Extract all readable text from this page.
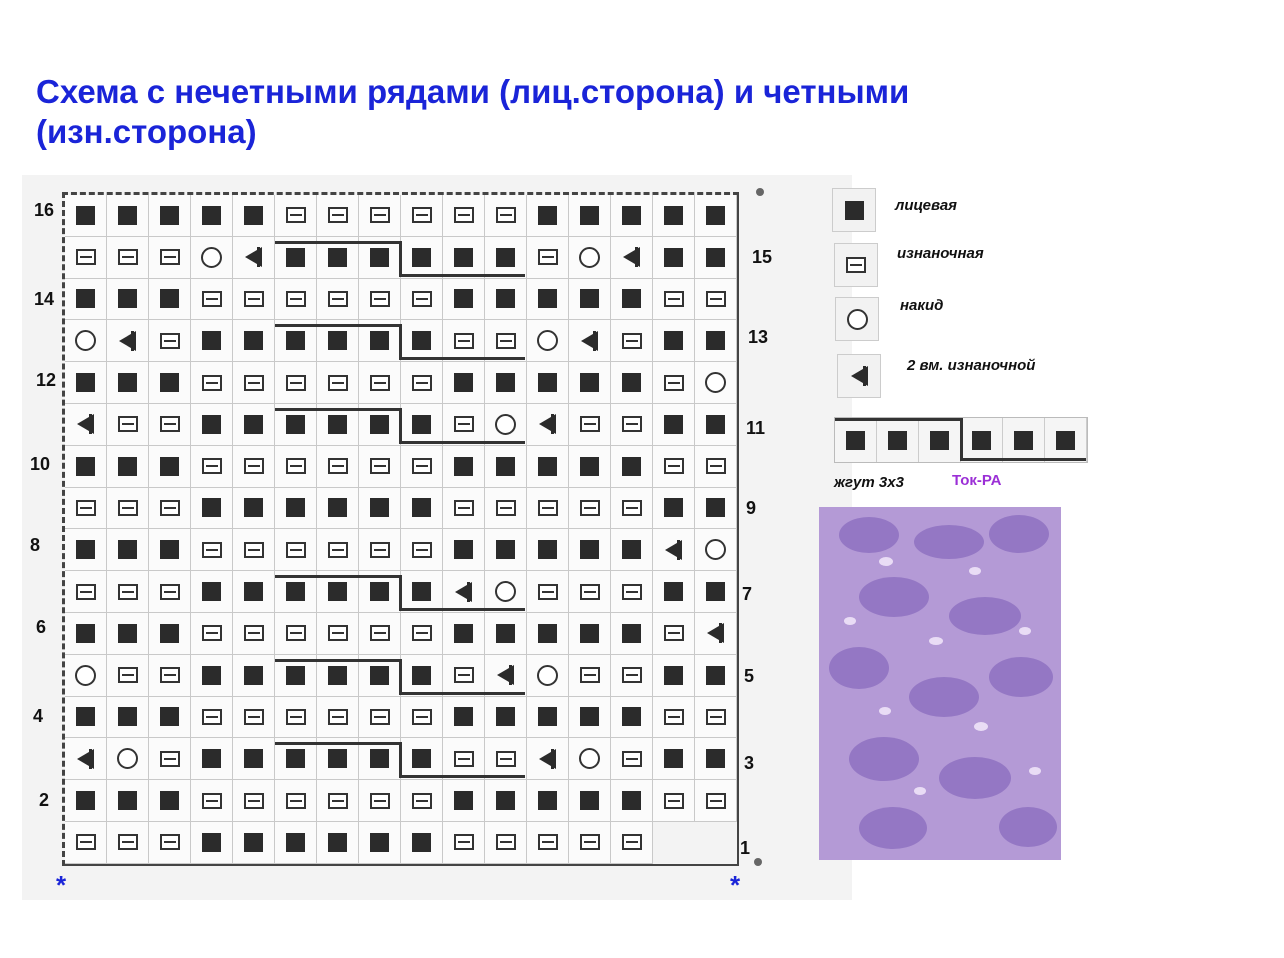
Схема с нечетными рядами (лиц.сторона) и четными (изн.сторона)
16
14
12
10
8
6
4
2
15
13
11
9
7
5
3
1
*	*
лицевая
изнаночная
накид
2 вм. изнаночной
жгут 3х3	Ток-РА
